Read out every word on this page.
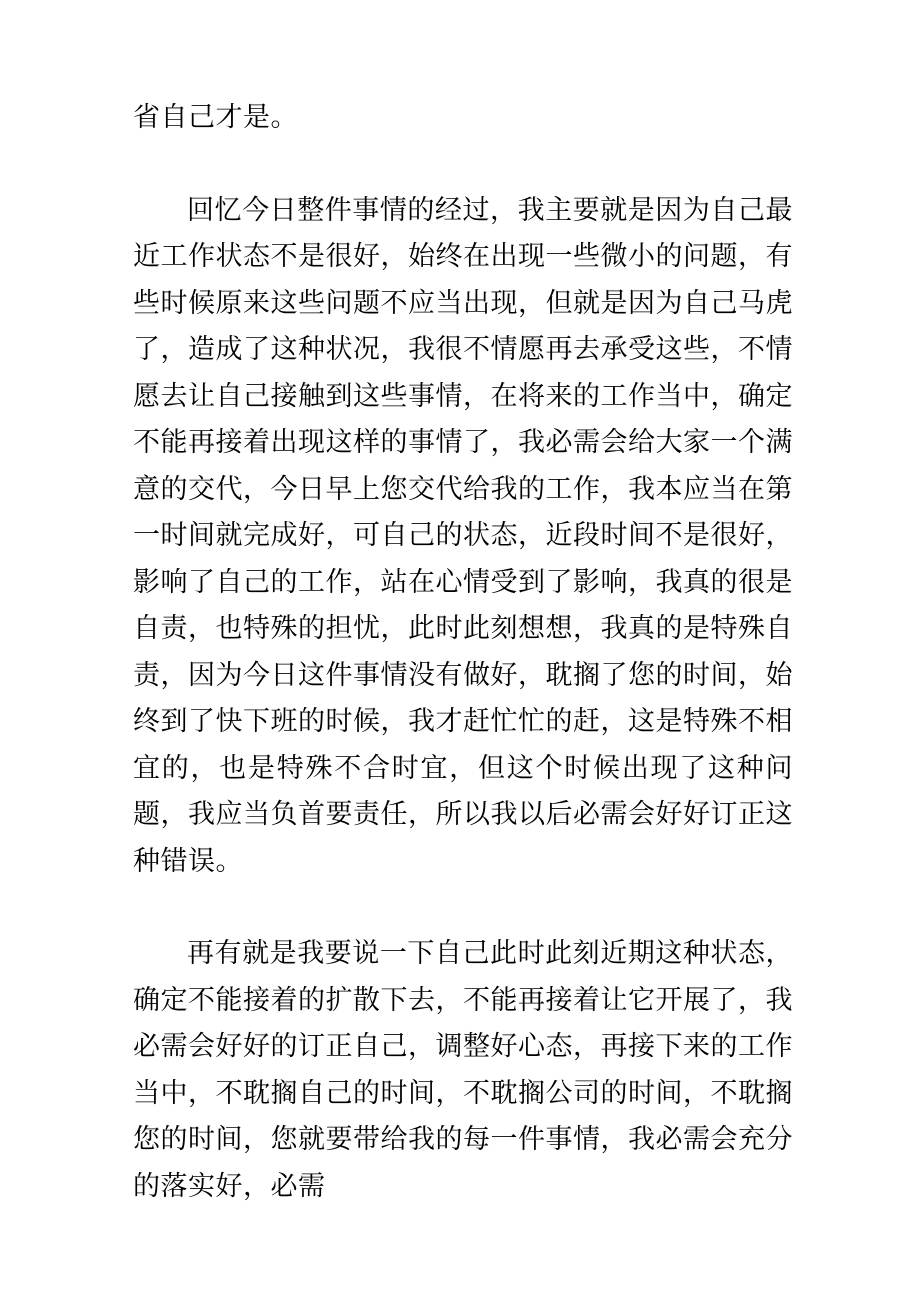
省自己才是。

回忆今日整件事情的经过，我主要就是因为自己最近工作状态不是很好，始终在出现一些微小的问题，有些时候原来这些问题不应当出现，但就是因为自己马虎了，造成了这种状况，我很不情愿再去承受这些，不情愿去让自己接触到这些事情，在将来的工作当中，确定不能再接着出现这样的事情了，我必需会给大家一个满意的交代，今日早上您交代给我的工作，我本应当在第一时间就完成好，可自己的状态，近段时间不是很好，影响了自己的工作，站在心情受到了影响，我真的很是自责，也特殊的担忧，此时此刻想想，我真的是特殊自责，因为今日这件事情没有做好，耽搁了您的时间，始终到了快下班的时候，我才赶忙忙的赶，这是特殊不相宜的，也是特殊不合时宜，但这个时候出现了这种问题，我应当负首要责任，所以我以后必需会好好订正这种错误。

再有就是我要说一下自己此时此刻近期这种状态，确定不能接着的扩散下去，不能再接着让它开展了，我必需会好好的订正自己，调整好心态，再接下来的工作当中，不耽搁自己的时间，不耽搁公司的时间，不耽搁您的时间，您就要带给我的每一件事情，我必需会充分的落实好，必需
